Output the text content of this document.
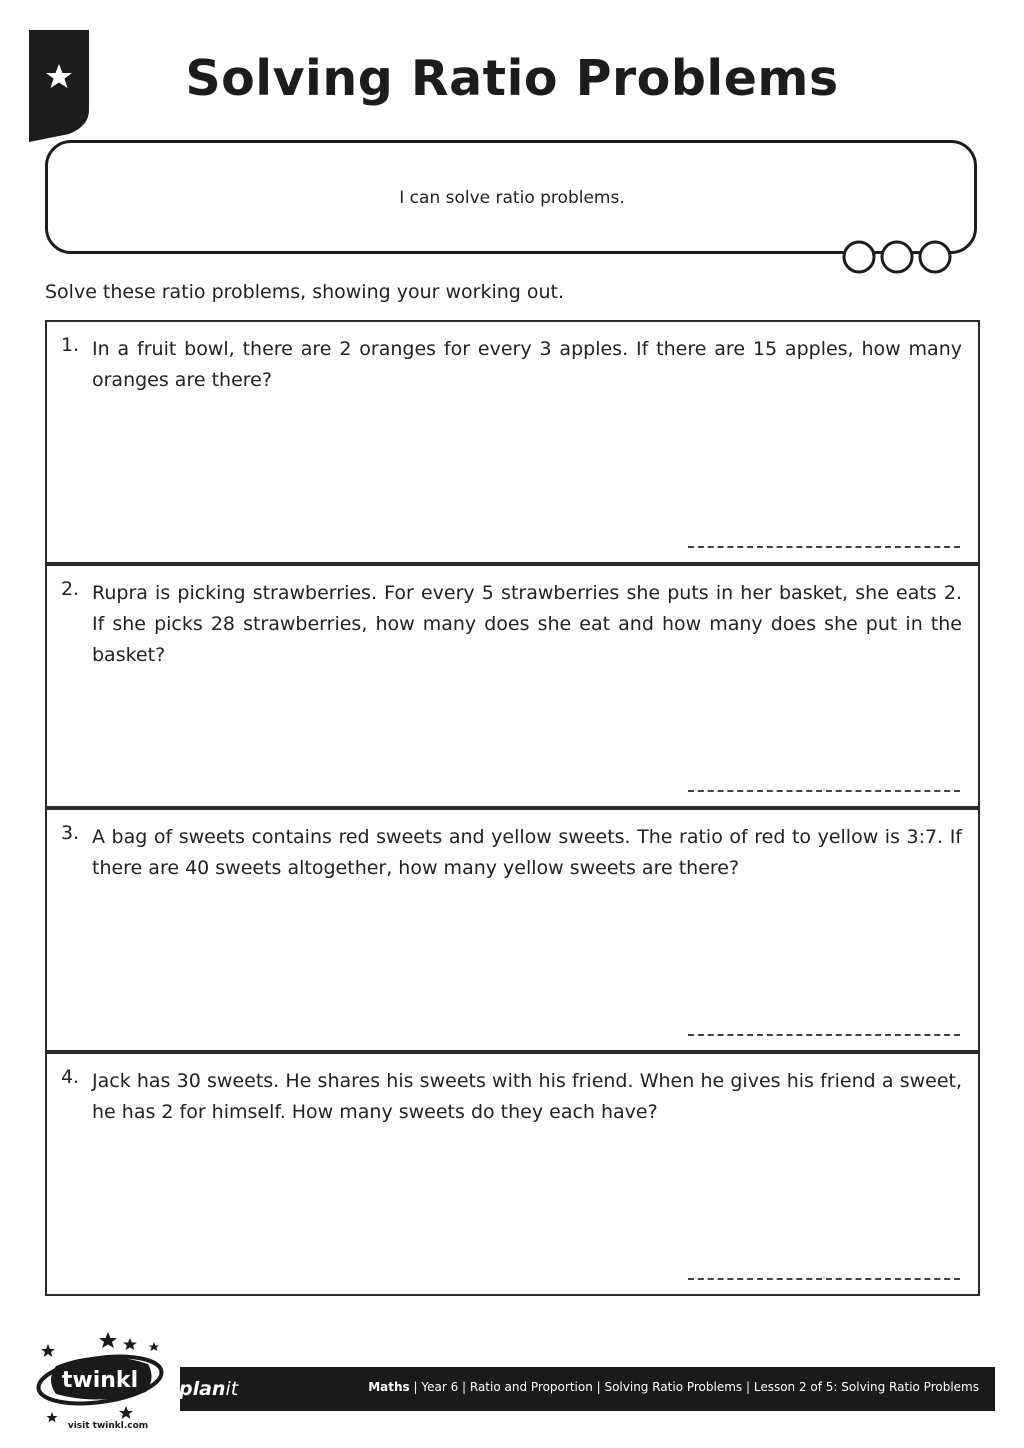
Solving Ratio Problems
I can solve ratio problems.
Solve these ratio problems, showing your working out.
1. In a fruit bowl, there are 2 oranges for every 3 apples. If there are 15 apples, how many oranges are there?
2. Rupra is picking strawberries. For every 5 strawberries she puts in her basket, she eats 2. If she picks 28 strawberries, how many does she eat and how many does she put in the basket?
3. A bag of sweets contains red sweets and yellow sweets. The ratio of red to yellow is 3:7. If there are 40 sweets altogether, how many yellow sweets are there?
4. Jack has 30 sweets. He shares his sweets with his friend. When he gives his friend a sweet, he has 2 for himself. How many sweets do they each have?
Maths | Year 6 | Ratio and Proportion | Solving Ratio Problems | Lesson 2 of 5: Solving Ratio Problems
planit
twinkl
visit twinkl.com
